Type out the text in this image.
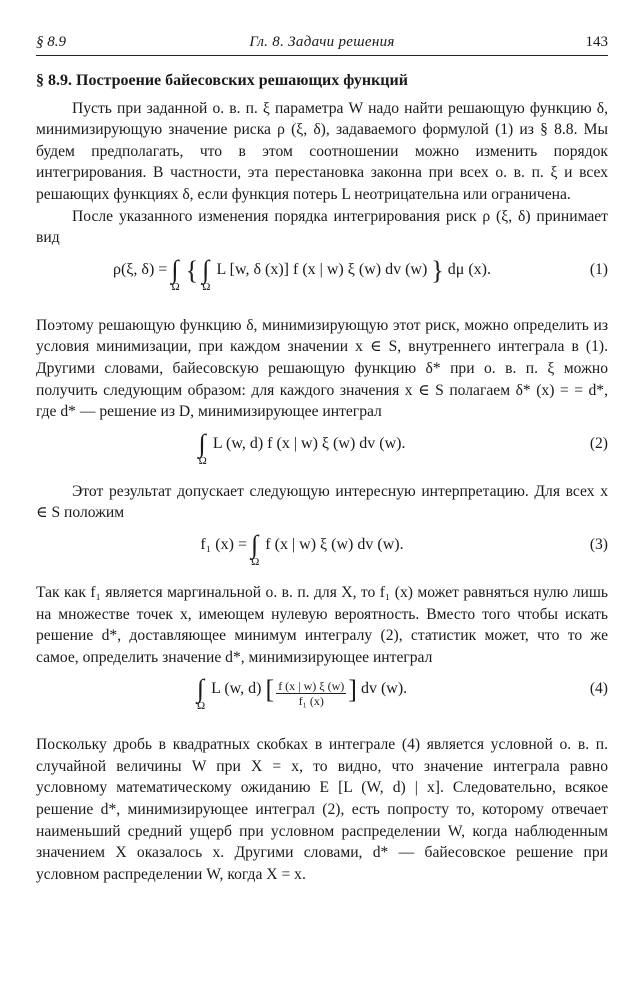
§ 8.9	Гл. 8. Задачи решения	143
§ 8.9. Построение байесовских решающих функций

Пусть при заданной о. в. п. ξ параметра W надо найти решающую функцию δ, минимизирующую значение риска ρ (ξ, δ), задаваемого формулой (1) из § 8.8. Мы будем предполагать, что в этом соотношении можно изменить порядок интегрирования. В частности, эта перестановка законна при всех о. в. п. ξ и всех решающих функциях δ, если функция потерь L неотрицательна или ограничена.

После указанного изменения порядка интегрирования риск ρ (ξ, δ) принимает вид

ρ(ξ, $\delta) = \int_\Omega$ { $\int_\Omega$ L [w, δ (x)] f (x | w) ξ (w) dv (w) } dμ (x).	(1)

Поэтому решающую функцию δ, минимизирующую этот риск, можно определить из условия минимизации, при каждом значении x ∈ S, внутреннего интеграла в (1). Другими словами, байесовскую решающую функцию δ* при о. в. п. ξ можно получить следующим образом: для каждого значения x ∈ S полагаем δ* (x) = = d*, где d* — решение из D, минимизирующее интеграл

$\int_\Omega$ L (w, d) f (x | w) ξ (w) dv (w).	(2)

Этот результат допускает следующую интересную интерпретацию. Для всех x ∈ S положим

f₁ $(x) = \int_\Omega$ f (x | w) ξ (w) dv (w).	(3)

Так как f₁ является маргинальной о. в. п. для X, то f₁ (x) может равняться нулю лишь на множестве точек x, имеющем нулевую вероятность. Вместо того чтобы искать решение d*, доставляющее минимум интегралу (2), статистик может, что то же самое, определить значение d*, минимизирующее интеграл

$\int_\Omega$ L (w, d) [ $\frac{f (x | w) \xi (w)}{\text{f₁ (x)}}$ ] dv (w).	(4)

Поскольку дробь в квадратных скобках в интеграле (4) является условной о. в. п. случайной величины W при X = x, то видно, что значение интеграла равно условному математическому ожиданию E [L (W, d) | x]. Следовательно, всякое решение d*, минимизирующее интеграл (2), есть попросту то, которому отвечает наименьший средний ущерб при условном распределении W, когда наблюденным значением X оказалось x. Другими словами, d* — байесовское решение при условном распределении W, когда X = x.
